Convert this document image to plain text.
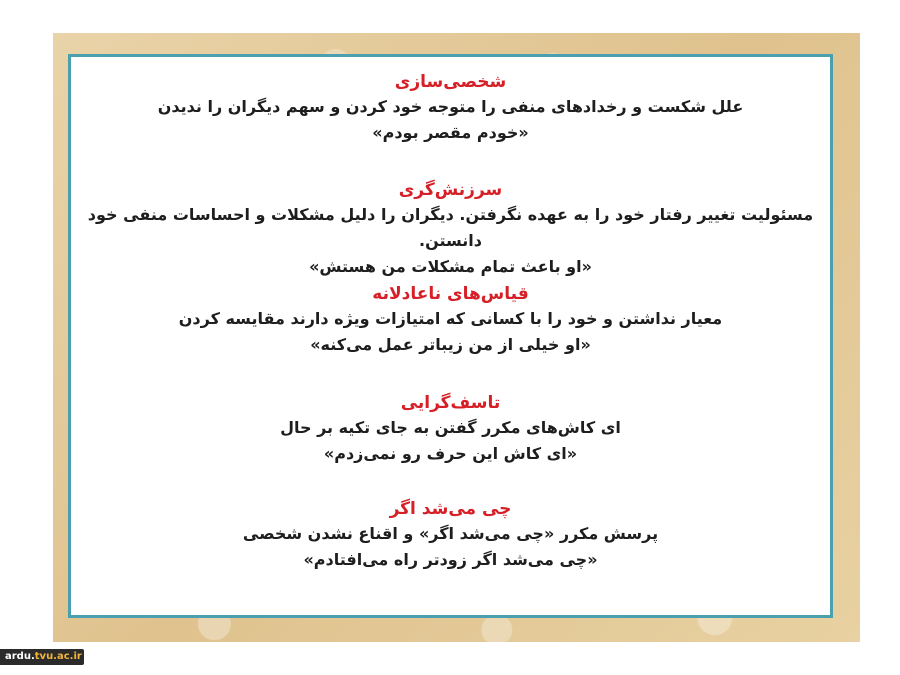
شخصی‌سازی
علل شکست و رخدادهای منفی را متوجه خود کردن و سهم دیگران را ندیدن
«خودم مقصر بودم»
سرزنش‌گری
مسئولیت تغییر رفتار خود را به عهده نگرفتن. دیگران را دلیل مشکلات و احساسات منفی خود
دانستن.
«او باعث تمام مشکلات من هستش»
قیاس‌های ناعادلانه
معیار نداشتن و خود را با کسانی که امتیازات ویژه دارند مقایسه کردن
«او خیلی از من زیباتر عمل می‌کنه»
تاسف‌گرایی
ای کاش‌های مکرر گفتن به جای تکیه بر حال
«ای کاش این حرف رو نمی‌زدم»
چی می‌شد اگر
پرسش مکرر «چی می‌شد اگر» و اقناع نشدن شخصی
«چی می‌شد اگر زودتر راه می‌افتادم»
ardu.tvu.ac.ir
